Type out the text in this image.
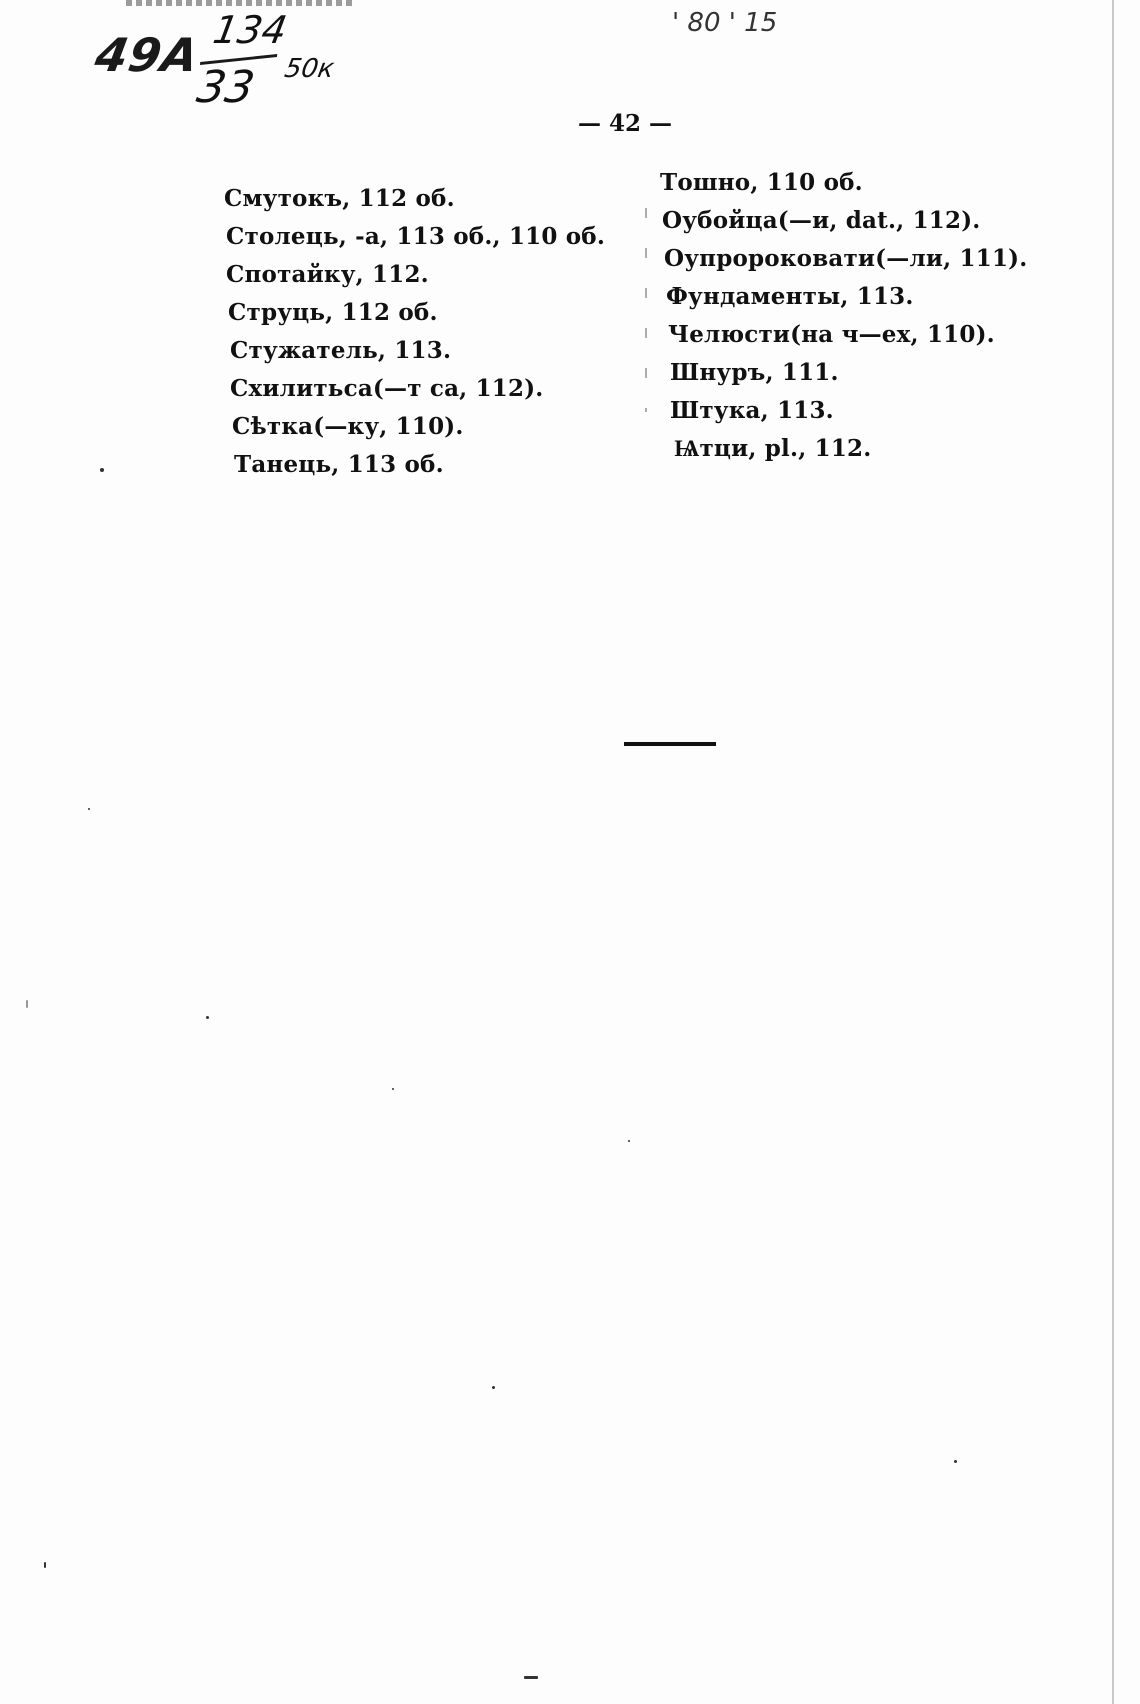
49A 134
33 50к
' 80 ' 15
— 42 —
Смутокъ, 112 об.
Столець, -а, 113 об., 110 об.
Спотайку, 112.
Струць, 112 об.
Стужатель, 113.
Схилитьса(—т са, 112).
Сѣтка(—ку, 110).
Танець, 113 об.
Тошно, 110 об.
Оубойца(—и, dat., 112).
Оупророковати(—ли, 111).
Фундаменты, 113.
Челюсти(на ч—ех, 110).
Шнуръ, 111.
Штука, 113.
Ѩтци, pl., 112.
